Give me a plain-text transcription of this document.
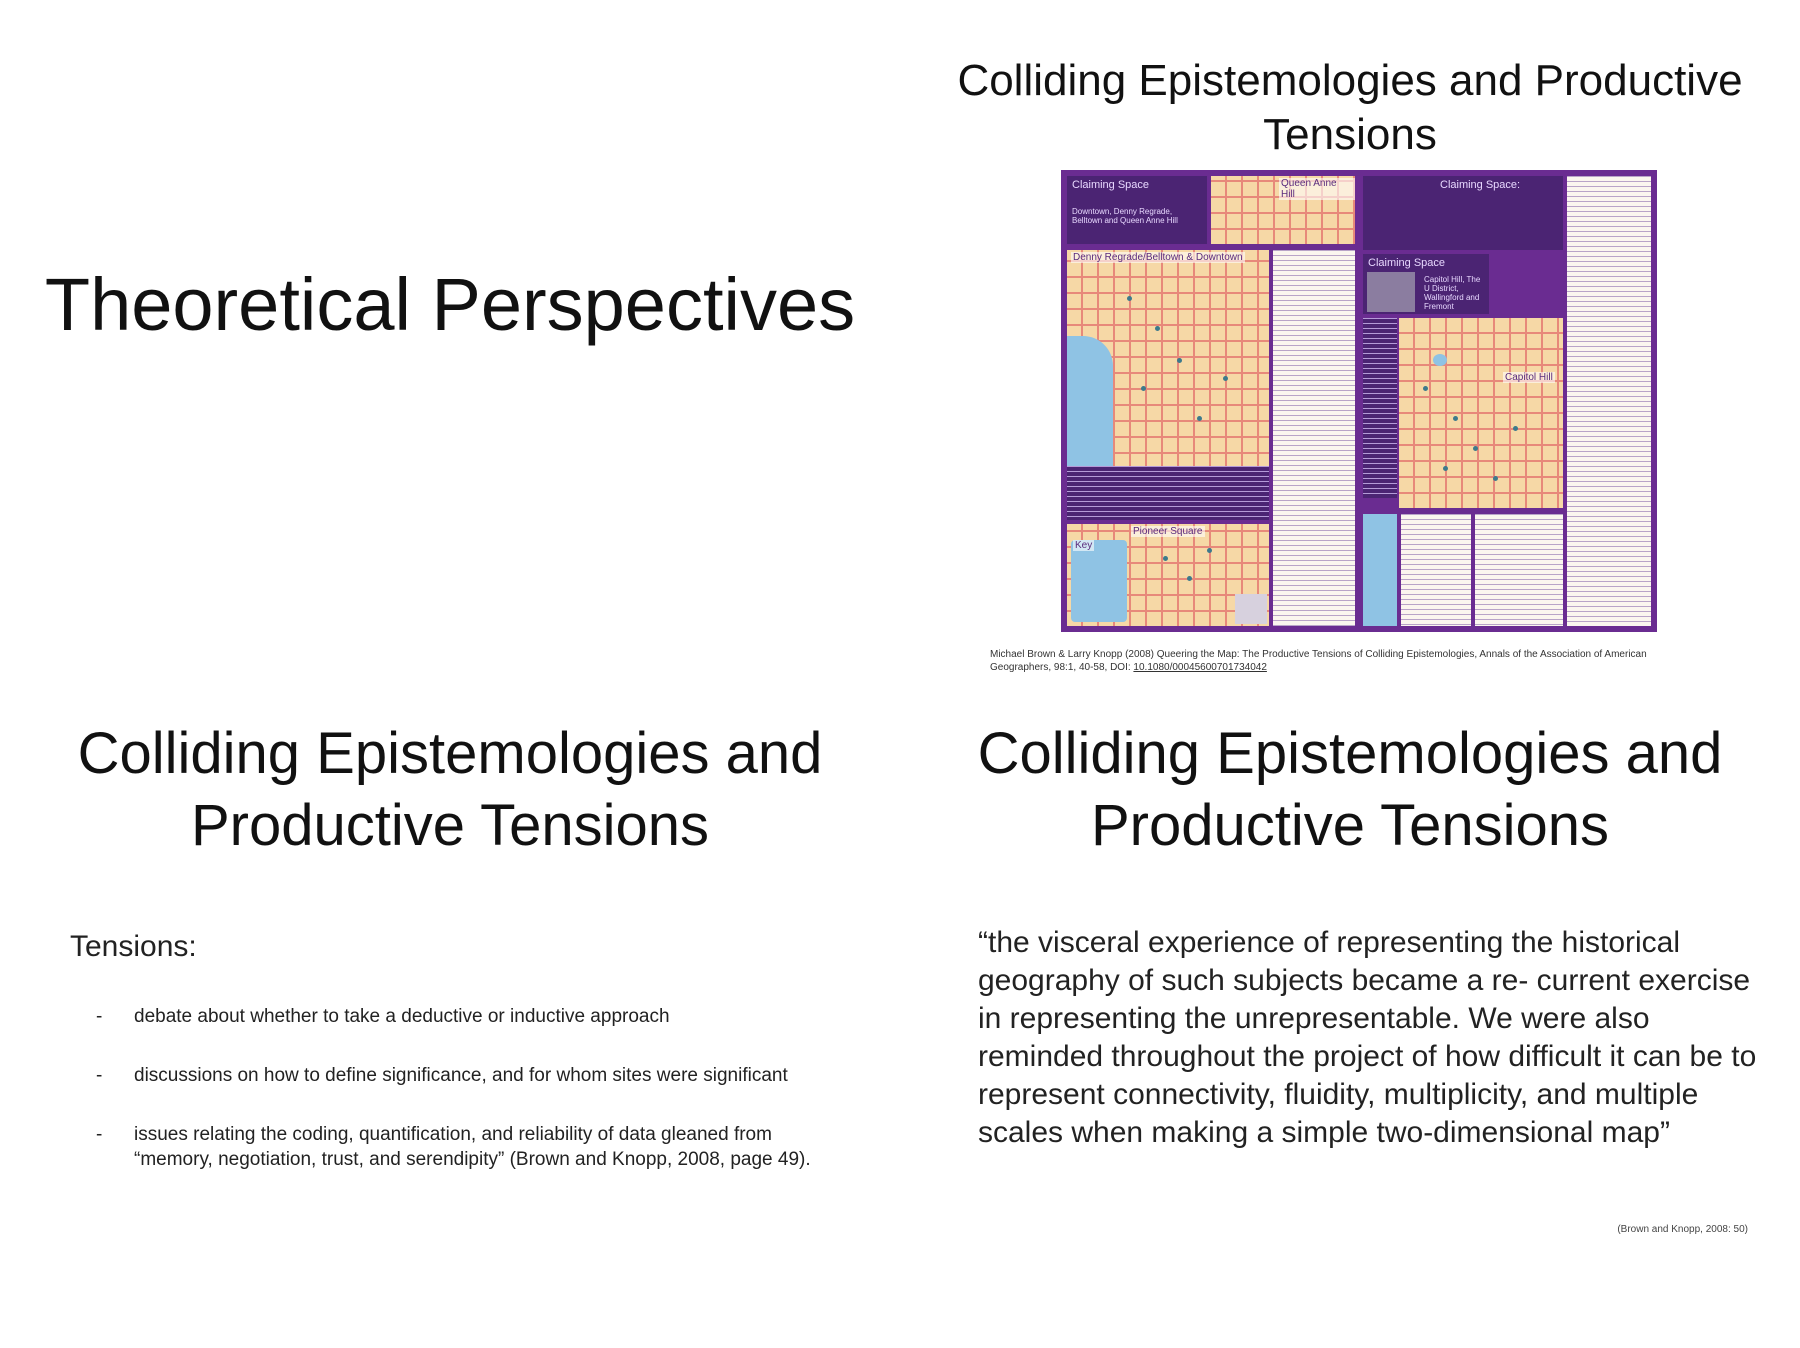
Theoretical Perspectives
Colliding Epistemologies and Productive Tensions
Claiming Space
Downtown, Denny Regrade, Belltown and Queen Anne Hill
Queen Anne Hill
Denny Regrade/Belltown & Downtown
Key
Pioneer Square
Claiming Space:
Claiming Space
Capitol Hill, The U District, Wallingford and Fremont
Capitol Hill

Michael Brown & Larry Knopp (2008) Queering the Map: The Productive Tensions of Colliding Epistemologies, Annals of the Association of American Geographers, 98:1, 40-58, DOI: 10.1080/00045600701734042

Colliding Epistemologies and Productive Tensions

Tensions:

- debate about whether to take a deductive or inductive approach
- discussions on how to define significance, and for whom sites were significant
- issues relating the coding, quantification, and reliability of data gleaned from “memory, negotiation, trust, and serendipity” (Brown and Knopp, 2008, page 49).
Colliding Epistemologies and Productive Tensions

“the visceral experience of representing the historical geography of such subjects became a re- current exercise in representing the unrepresentable. We were also reminded throughout the project of how difficult it can be to represent connectivity, fluidity, multiplicity, and multiple scales when making a simple two-dimensional map”

(Brown and Knopp, 2008: 50)
